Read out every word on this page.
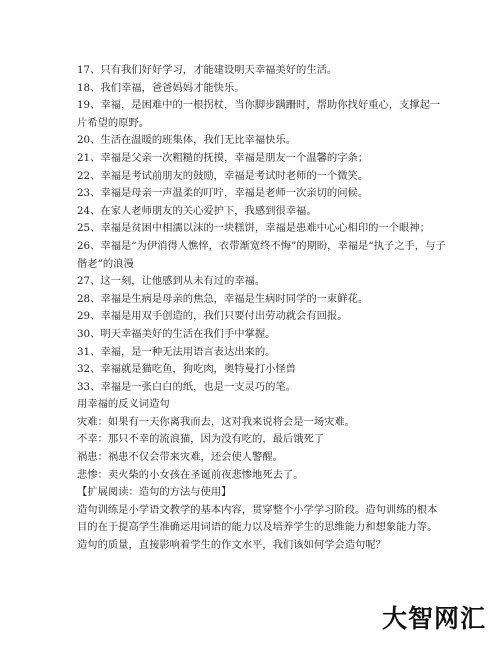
17、只有我们好好学习，才能建设明天幸福美好的生活。
18、我们幸福，爸爸妈妈才能快乐。
19、幸福，是困难中的一根拐杖，当你脚步蹒跚时，帮助你找好重心，支撑起一片希望的原野。
20、生活在温暖的班集体，我们无比幸福快乐。
21、幸福是父亲一次粗糙的抚摸，幸福是朋友一个温馨的字条；
22、幸福是考试前朋友的鼓励，幸福是考试时老师的一个微笑。
23、幸福是母亲一声温柔的叮咛，幸福是老师一次亲切的问候。
24、在家人老师朋友的关心爱护下，我感到很幸福。
25、幸福是贫困中相濡以沫的一块糕饼，幸福是患难中心心相印的一个眼神；
26、幸福是“为伊消得人憔悴，衣带渐宽终不悔”的期盼，幸福是“执子之手，与子偕老”的浪漫
27、这一刻，让他感到从未有过的幸福。
28、幸福是生病是母亲的焦急，幸福是生病时同学的一束鲜花。
29、幸福是用双手创造的，我们只要付出劳动就会有回报。
30、明天幸福美好的生活在我们手中掌握。
31、幸福，是一种无法用语言表达出来的。
32、幸福就是猫吃鱼，狗吃肉，奥特曼打小怪兽
33、幸福是一张白白的纸，也是一支灵巧的笔。
用幸福的反义词造句
灾难：如果有一天你离我而去，这对我来说将会是一场灾难。
不幸：那只不幸的流浪猫，因为没有吃的，最后饿死了
祸患：祸患不仅会带来灾难，还会使人警醒。
悲惨：卖火柴的小女孩在圣诞前夜悲惨地死去了。
【扩展阅读：造句的方法与使用】
造句训练是小学语文教学的基本内容，贯穿整个小学学习阶段。造句训练的根本目的在于提高学生准确运用词语的能力以及培养学生的思维能力和想象能力等。造句的质量，直接影响着学生的作文水平，我们该如何学会造句呢？
大智网汇
